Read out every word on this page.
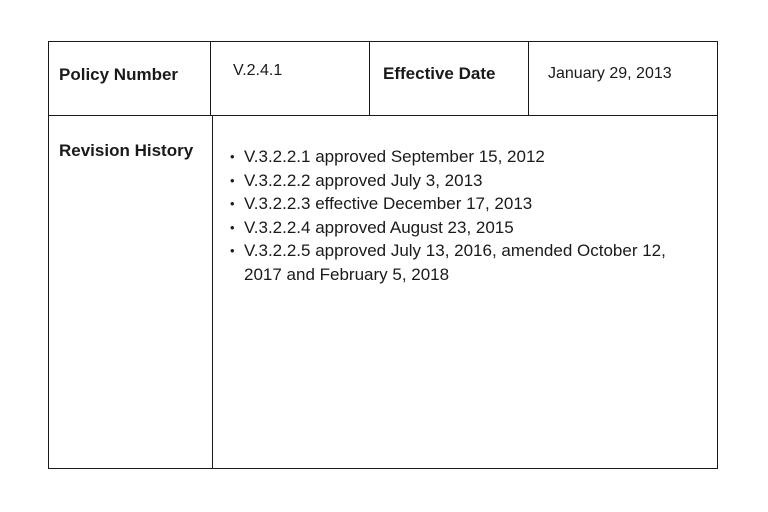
Policy Number	V.2.4.1	Effective Date	January 29, 2013
Revision History
•	V.3.2.2.1 approved September 15, 2012
• V.3.2.2.2 approved July 3, 2013
• V.3.2.2.3 effective December 17, 2013
• V.3.2.2.4 approved August 23, 2015
• V.3.2.2.5 approved July 13, 2016, amended October 12, 2017 and February 5, 2018
